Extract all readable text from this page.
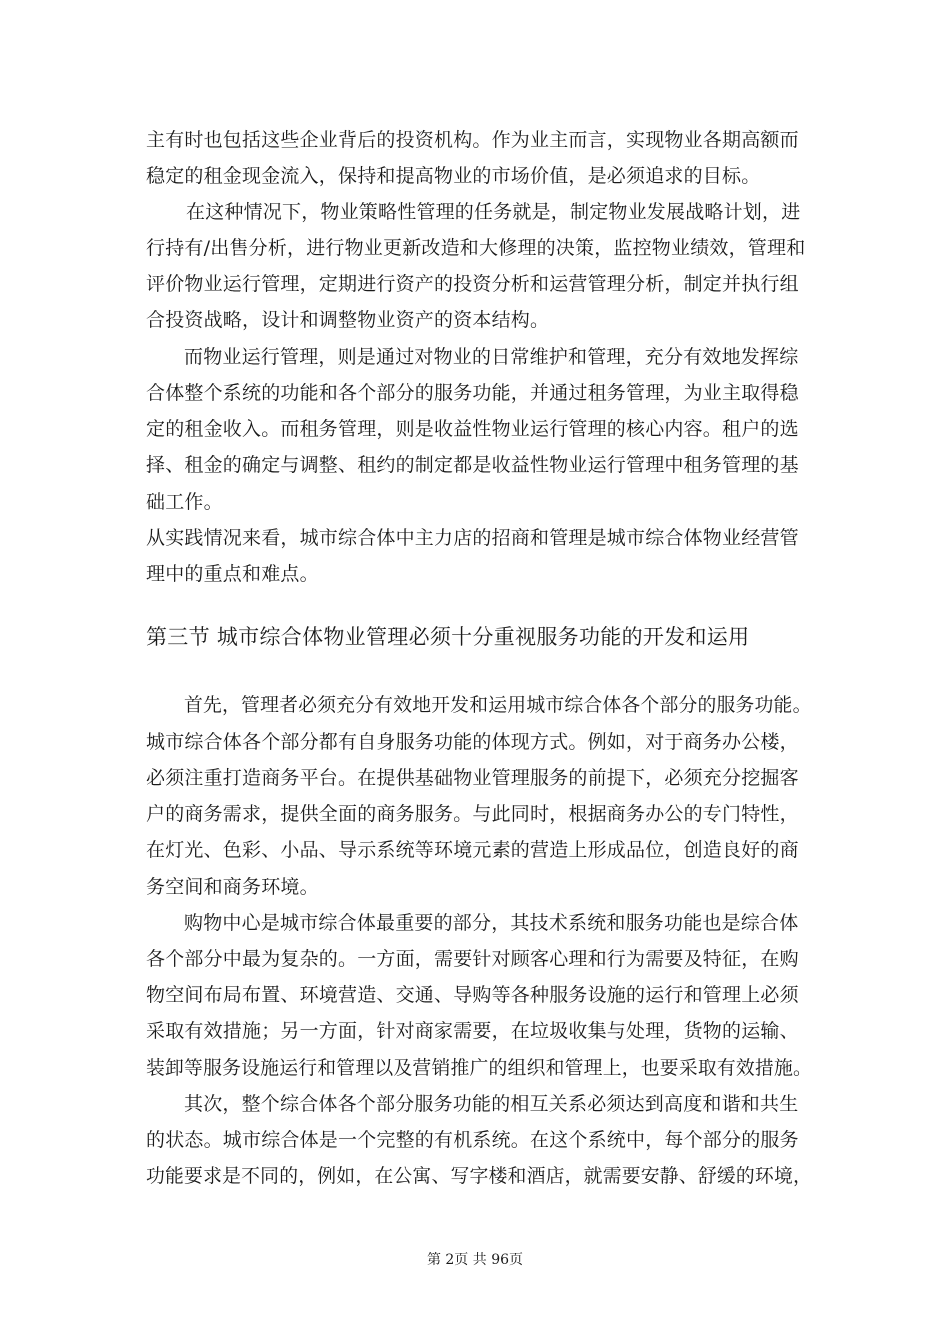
主有时也包括这些企业背后的投资机构。作为业主而言，实现物业各期高额而
稳定的租金现金流入，保持和提高物业的市场价值，是必须追求的目标。
在这种情况下，物业策略性管理的任务就是，制定物业发展战略计划，进
行持有/出售分析，进行物业更新改造和大修理的决策，监控物业绩效，管理和
评价物业运行管理，定期进行资产的投资分析和运营管理分析，制定并执行组
合投资战略，设计和调整物业资产的资本结构。
而物业运行管理，则是通过对物业的日常维护和管理，充分有效地发挥综
合体整个系统的功能和各个部分的服务功能，并通过租务管理，为业主取得稳
定的租金收入。而租务管理，则是收益性物业运行管理的核心内容。租户的选
择、租金的确定与调整、租约的制定都是收益性物业运行管理中租务管理的基
础工作。
从实践情况来看，城市综合体中主力店的招商和管理是城市综合体物业经营管
理中的重点和难点。
第三节 城市综合体物业管理必须十分重视服务功能的开发和运用
首先，管理者必须充分有效地开发和运用城市综合体各个部分的服务功能。
城市综合体各个部分都有自身服务功能的体现方式。例如，对于商务办公楼，
必须注重打造商务平台。在提供基础物业管理服务的前提下，必须充分挖掘客
户的商务需求，提供全面的商务服务。与此同时，根据商务办公的专门特性，
在灯光、色彩、小品、导示系统等环境元素的营造上形成品位，创造良好的商
务空间和商务环境。
购物中心是城市综合体最重要的部分，其技术系统和服务功能也是综合体
各个部分中最为复杂的。一方面，需要针对顾客心理和行为需要及特征，在购
物空间布局布置、环境营造、交通、导购等各种服务设施的运行和管理上必须
采取有效措施；另一方面，针对商家需要，在垃圾收集与处理，货物的运输、
装卸等服务设施运行和管理以及营销推广的组织和管理上，也要采取有效措施。
其次，整个综合体各个部分服务功能的相互关系必须达到高度和谐和共生
的状态。城市综合体是一个完整的有机系统。在这个系统中，每个部分的服务
功能要求是不同的，例如，在公寓、写字楼和酒店，就需要安静、舒缓的环境，
第 2页 共 96页
